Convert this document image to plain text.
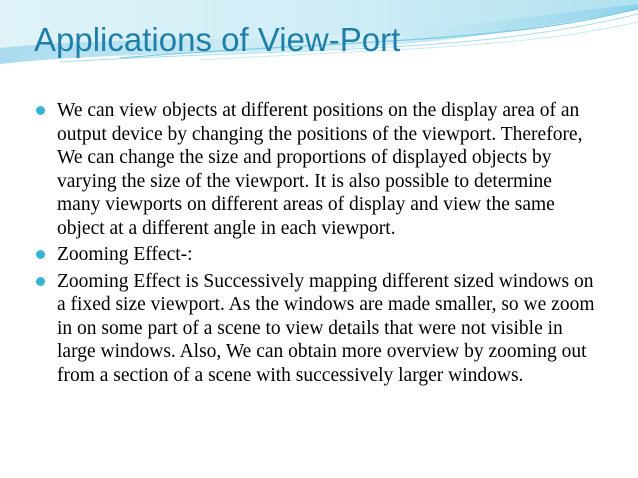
Applications of View-Port
We can view objects at different positions on the display area of an output device by changing the positions of the viewport. Therefore, We can change the size and proportions of displayed objects by varying the size of the viewport. It is also possible to determine many viewports on different areas of display and view the same object at a different angle in each viewport.
Zooming Effect-:
Zooming Effect is Successively mapping different sized windows on a fixed size viewport. As the windows are made smaller, so we zoom in on some part of a scene to view details that were not visible in large windows. Also, We can obtain more overview by zooming out from a section of a scene with successively larger windows.
